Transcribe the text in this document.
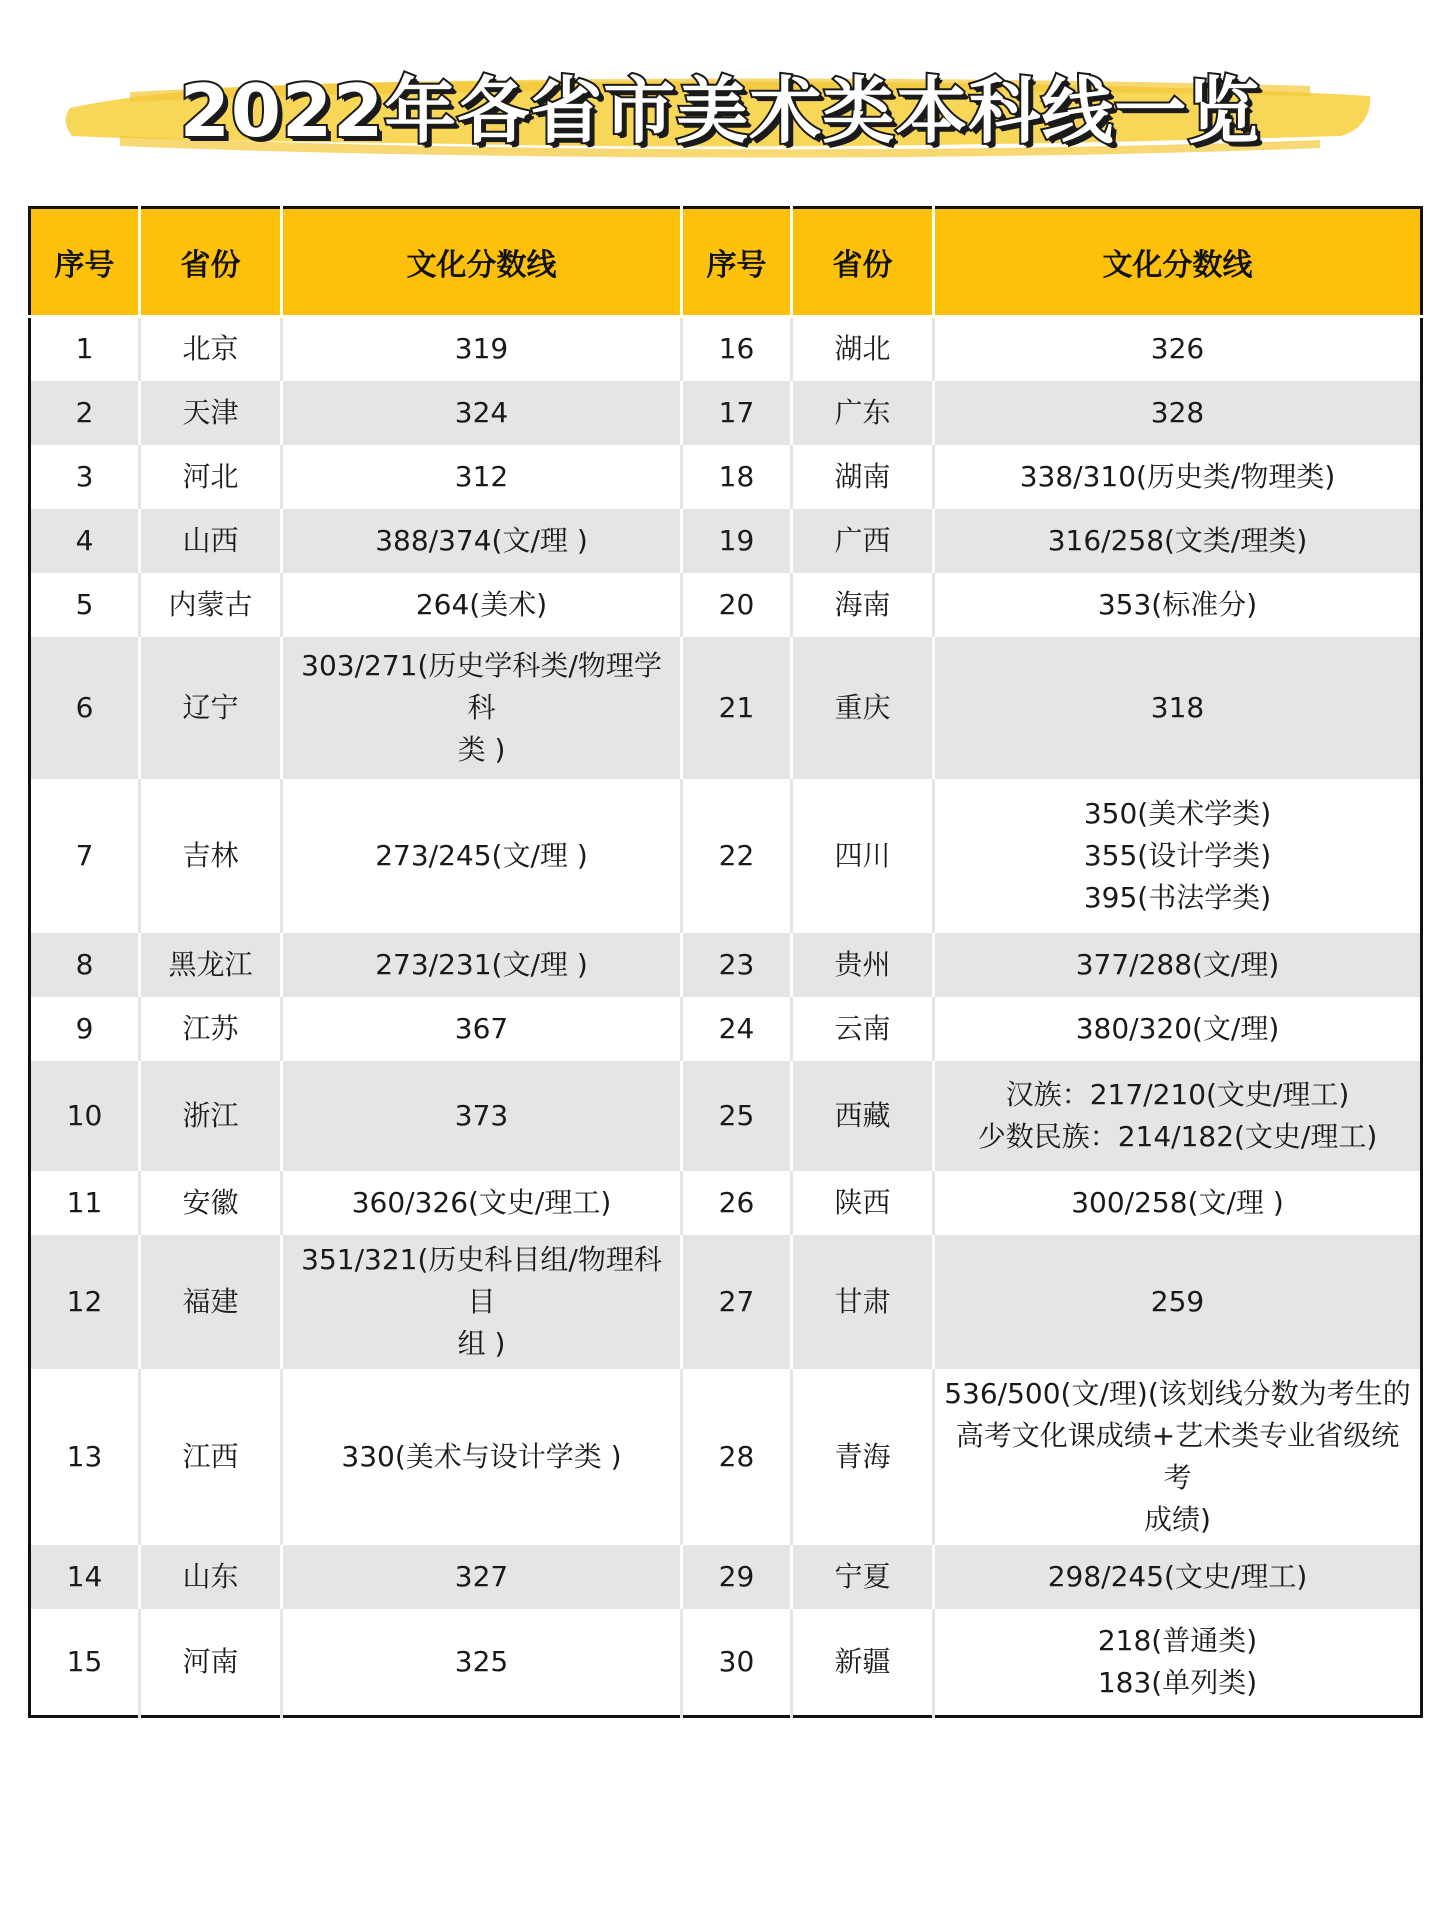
2022年各省市美术类本科线一览
序号	省份	文化分数线	序号	省份	文化分数线

1	北京	319	16	湖北	326

2	天津	324	17	广东	328

3	河北	312	18	湖南	338/310(历史类/物理类)

4	山西	388/374(文/理 )	19	广西	316/258(文类/理类)

5	内蒙古	264(美术)	20	海南	353(标准分)

6	辽宁	303/271(历史学科类/物理学科
类 )	21	重庆	318

7	吉林	273/245(文/理 )	22	四川	350(美术学类)
355(设计学类)
395(书法学类)

8	黑龙江	273/231(文/理 )	23	贵州	377/288(文/理)

9	江苏	367	24	云南	380/320(文/理)

10	浙江	373	25	西藏	汉族：217/210(文史/理工)
少数民族：214/182(文史/理工)

11	安徽	360/326(文史/理工)	26	陕西	300/258(文/理 )

12	福建	351/321(历史科目组/物理科目
组 )	27	甘肃	259

13	江西	330(美术与设计学类 )	28	青海	536/500(文/理)(该划线分数为考生的
高考文化课成绩+艺术类专业省级统考
成绩)

14	山东	327	29	宁夏	298/245(文史/理工)

15	河南	325	30	新疆	218(普通类)
183(单列类)
